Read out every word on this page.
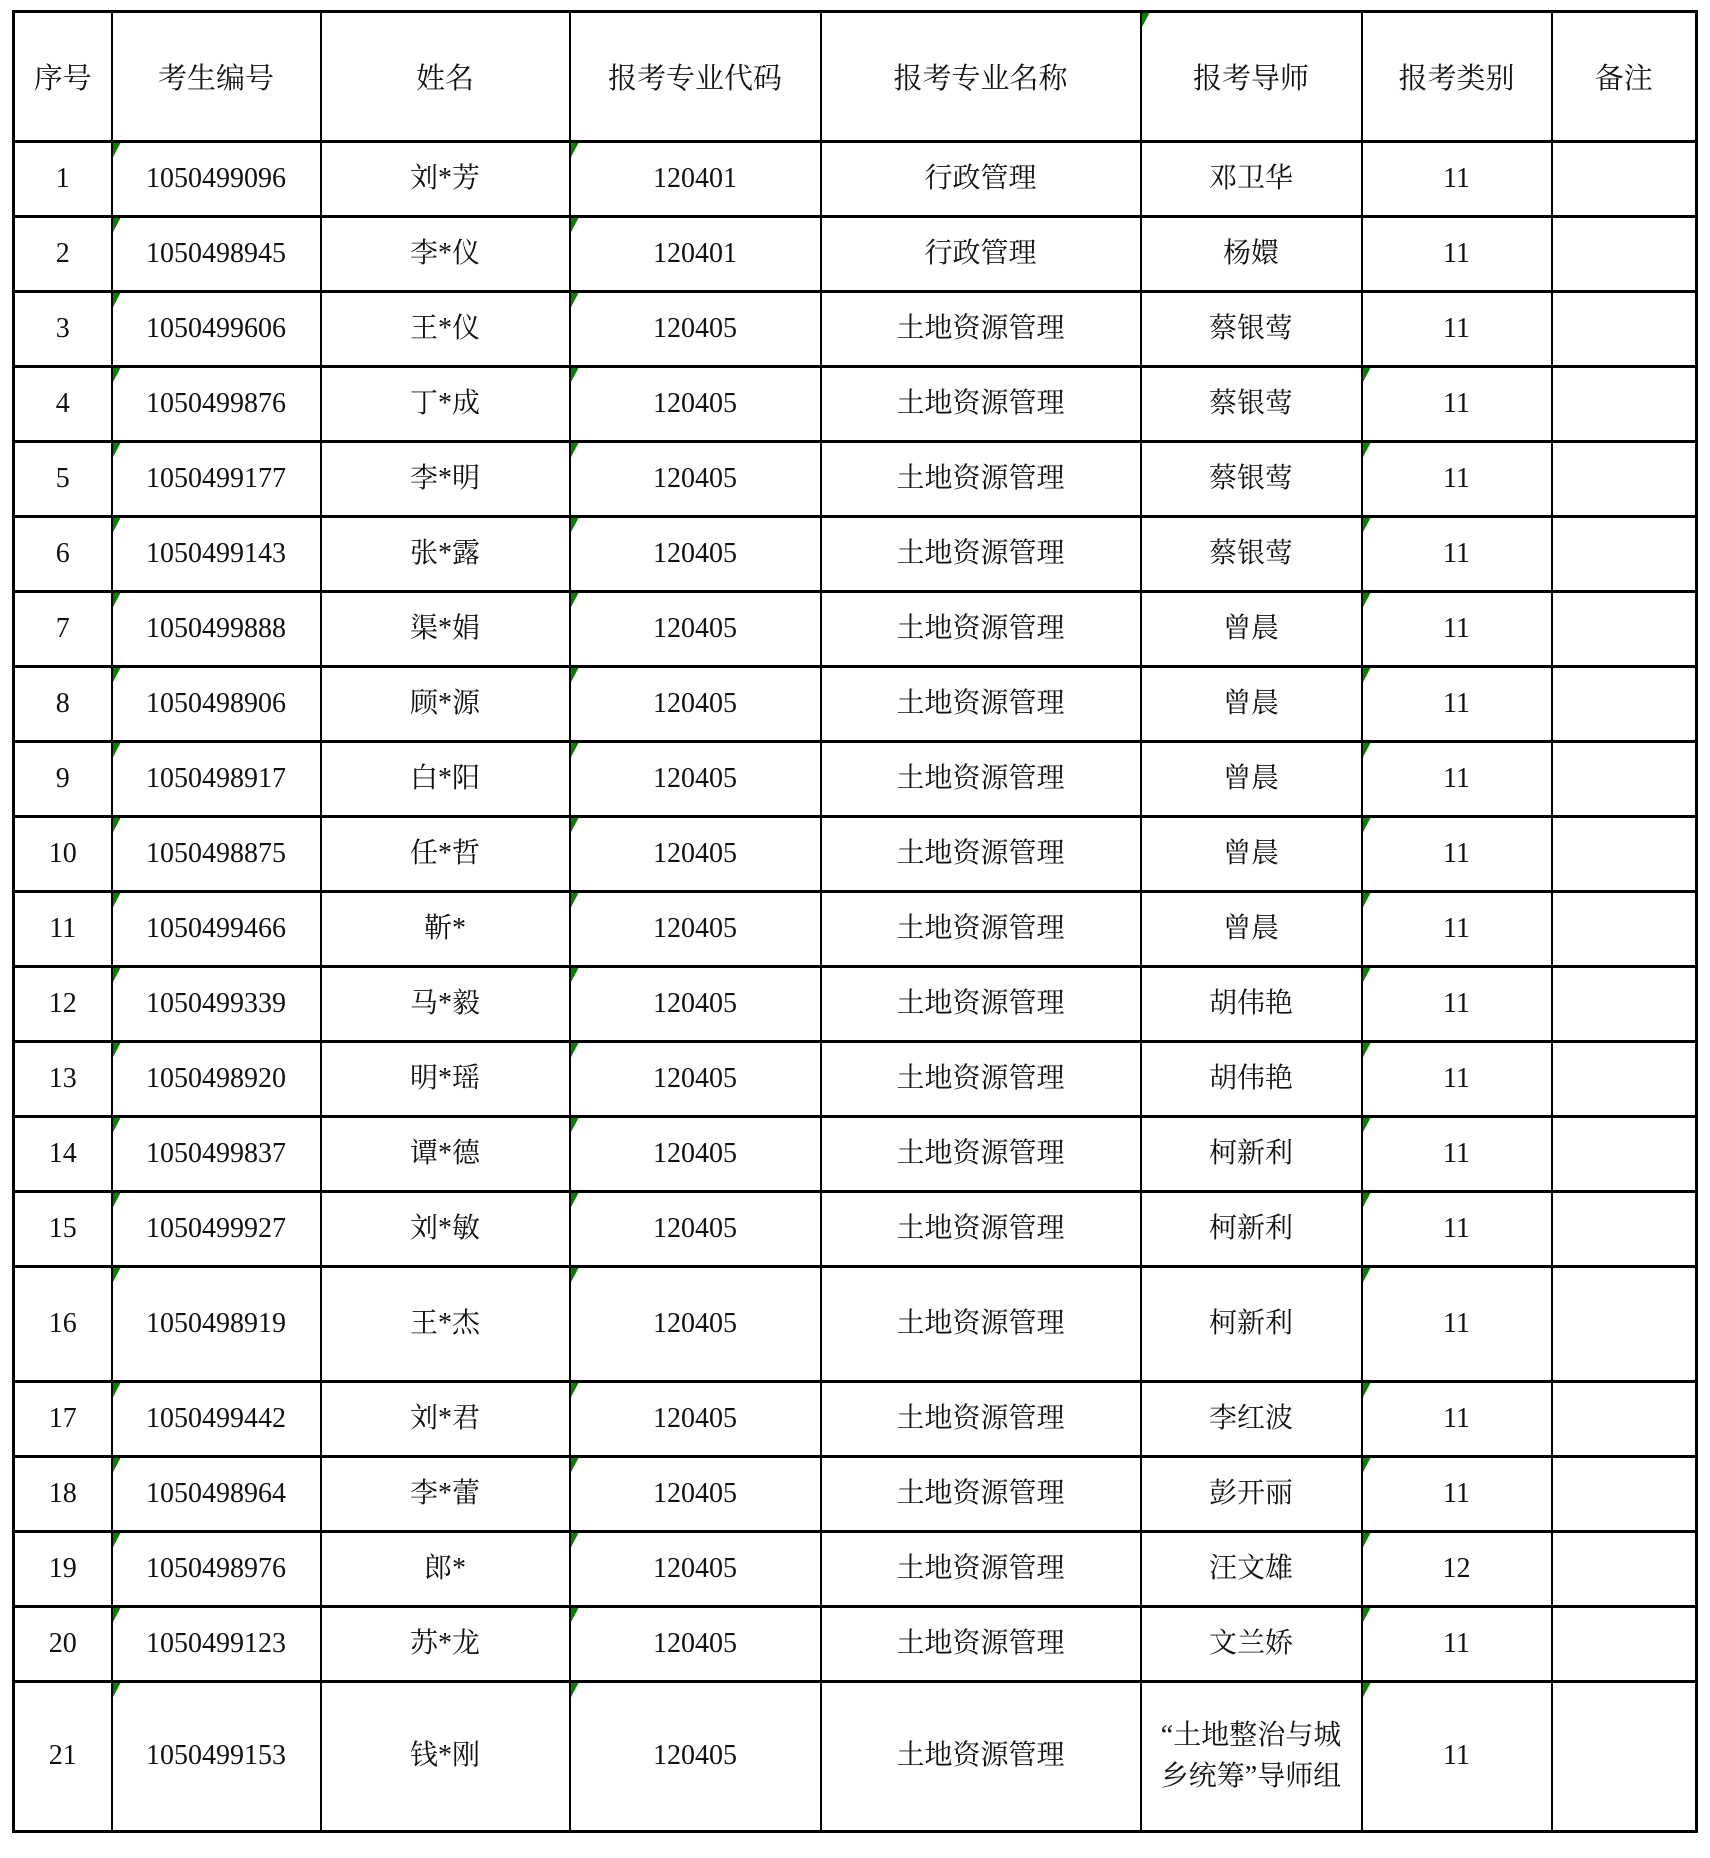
序号	考生编号	姓名	报考专业代码	报考专业名称	报考导师	报考类别	备注
1	1050499096	刘*芳	120401	行政管理	邓卫华	11	
2	1050498945	李*仪	120401	行政管理	杨嬛	11	
3	1050499606	王*仪	120405	土地资源管理	蔡银莺	11	
4	1050499876	丁*成	120405	土地资源管理	蔡银莺	11	
5	1050499177	李*明	120405	土地资源管理	蔡银莺	11	
6	1050499143	张*露	120405	土地资源管理	蔡银莺	11	
7	1050499888	渠*娟	120405	土地资源管理	曾晨	11	
8	1050498906	顾*源	120405	土地资源管理	曾晨	11	
9	1050498917	白*阳	120405	土地资源管理	曾晨	11	
10	1050498875	任*哲	120405	土地资源管理	曾晨	11	
11	1050499466	靳*	120405	土地资源管理	曾晨	11	
12	1050499339	马*毅	120405	土地资源管理	胡伟艳	11	
13	1050498920	明*瑶	120405	土地资源管理	胡伟艳	11	
14	1050499837	谭*德	120405	土地资源管理	柯新利	11	
15	1050499927	刘*敏	120405	土地资源管理	柯新利	11	
16	1050498919	王*杰	120405	土地资源管理	柯新利	11	
17	1050499442	刘*君	120405	土地资源管理	李红波	11	
18	1050498964	李*蕾	120405	土地资源管理	彭开丽	11	
19	1050498976	郎*	120405	土地资源管理	汪文雄	12	
20	1050499123	苏*龙	120405	土地资源管理	文兰娇	11	
21	1050499153	钱*刚	120405	土地资源管理	“土地整治与城乡统筹”导师组	11	
